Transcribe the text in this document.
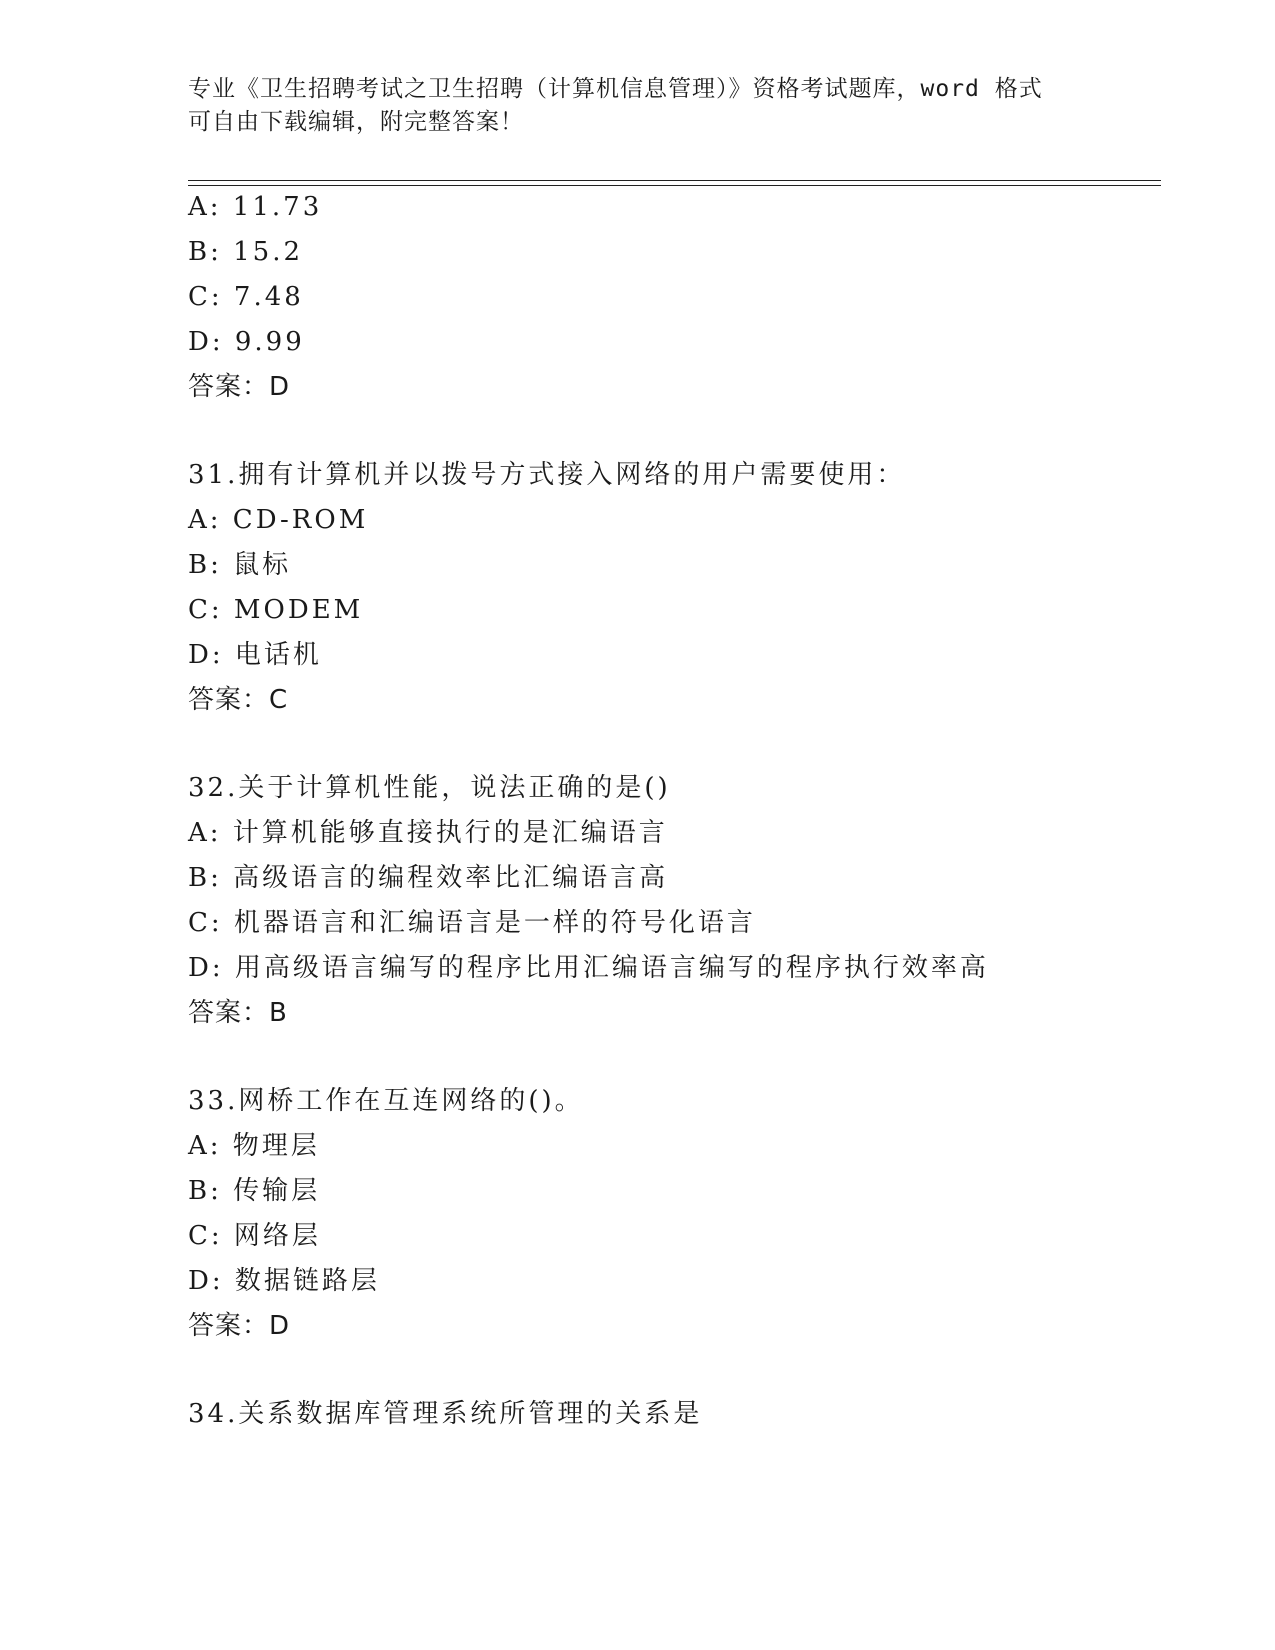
专业《卫生招聘考试之卫生招聘（计算机信息管理）》资格考试题库，word 格式
可自由下载编辑，附完整答案！
A: 11.73
B: 15.2
C: 7.48
D: 9.99
答案：D
31.拥有计算机并以拨号方式接入网络的用户需要使用：
A: CD-ROM
B: 鼠标
C: MODEM
D: 电话机
答案：C
32.关于计算机性能，说法正确的是()
A: 计算机能够直接执行的是汇编语言
B: 高级语言的编程效率比汇编语言高
C: 机器语言和汇编语言是一样的符号化语言
D: 用高级语言编写的程序比用汇编语言编写的程序执行效率高
答案：B
33.网桥工作在互连网络的()。
A: 物理层
B: 传输层
C: 网络层
D: 数据链路层
答案：D
34.关系数据库管理系统所管理的关系是
